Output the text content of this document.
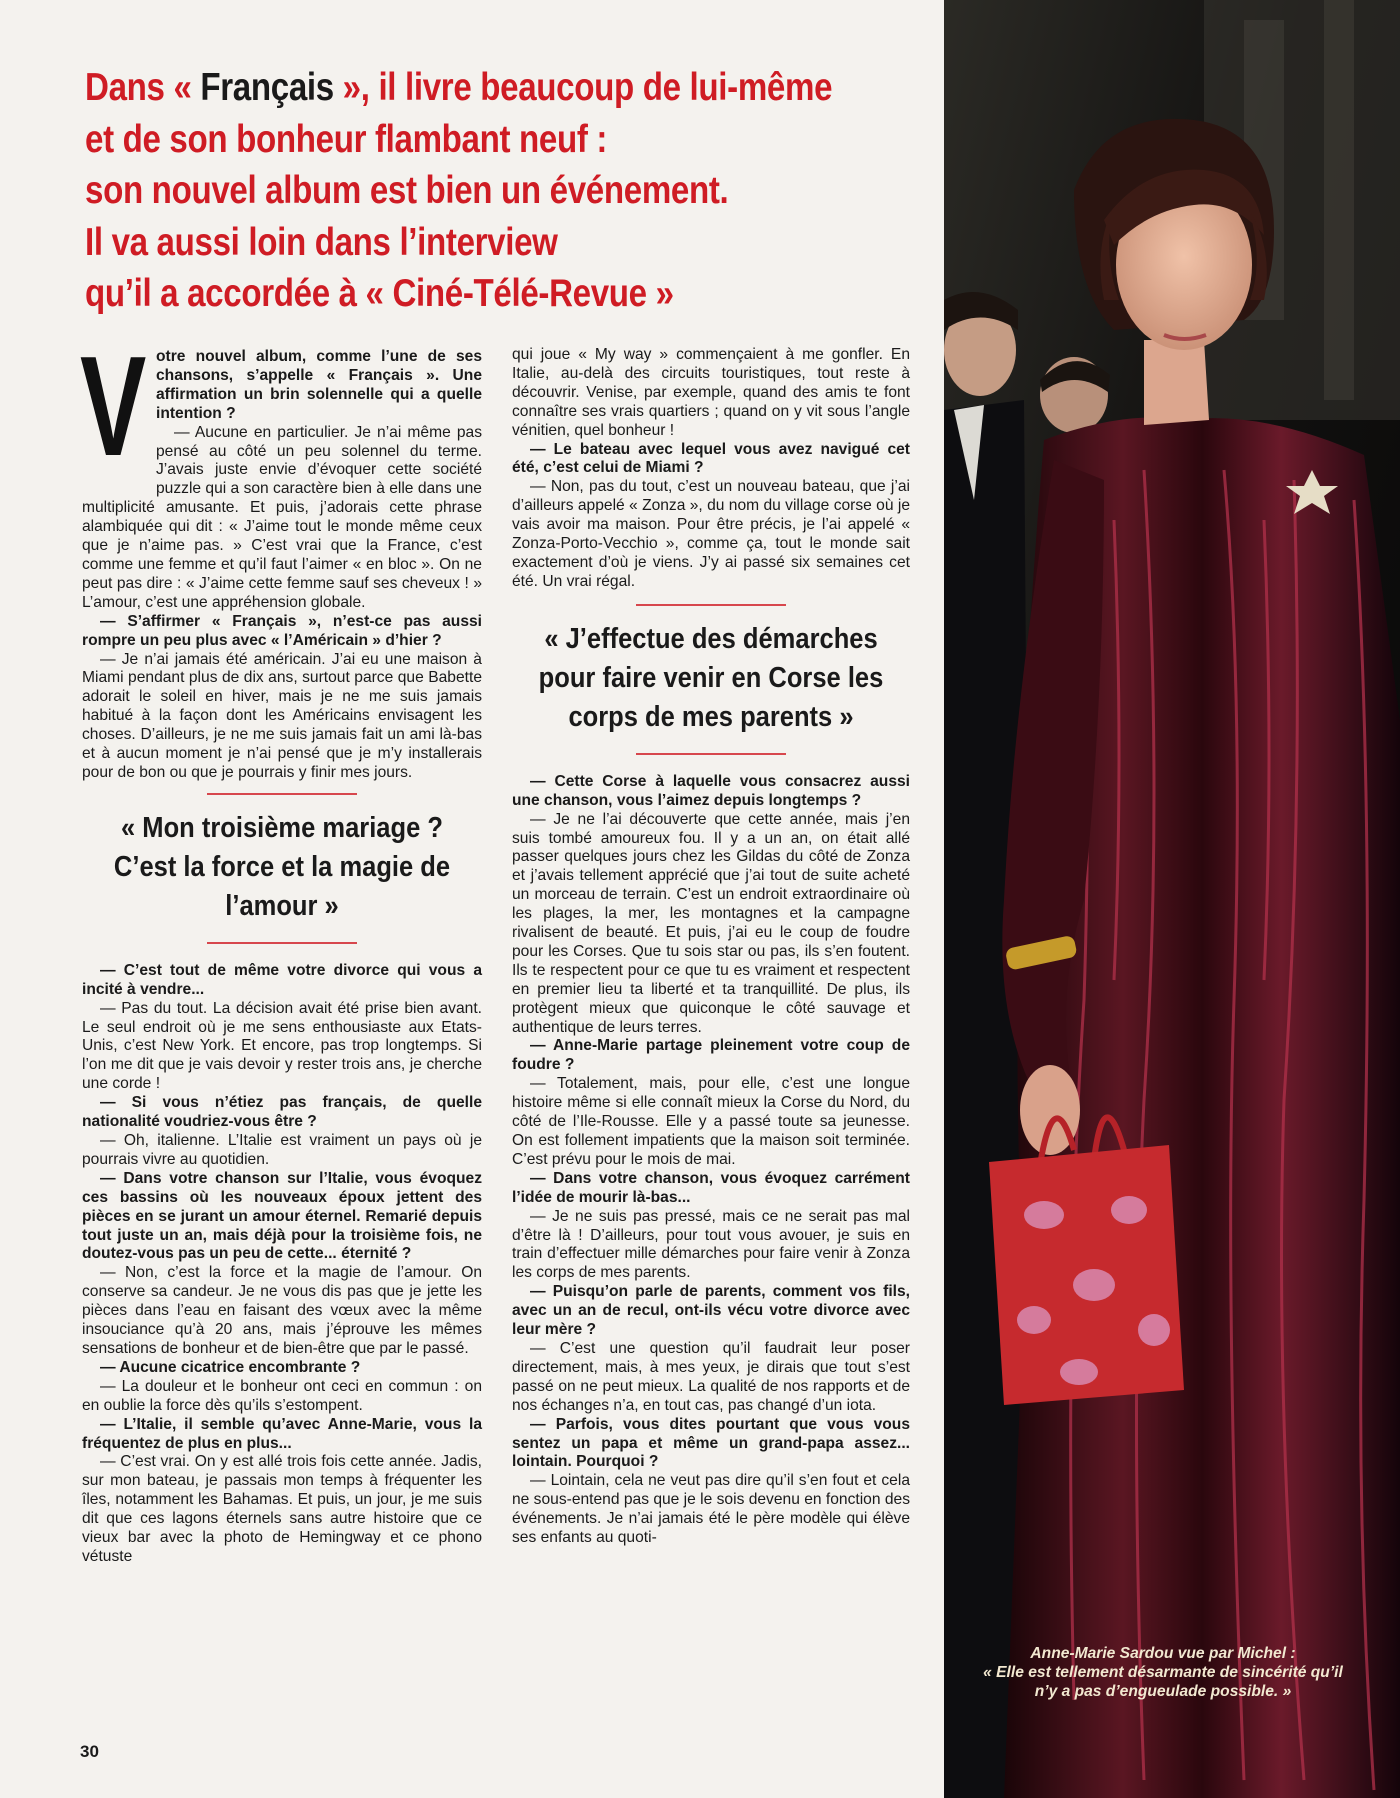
Dans « Français », il livre beaucoup de lui-même
et de son bonheur flambant neuf :
son nouvel album est bien un événement.
Il va aussi loin dans l’interview
qu’il a accordée à « Ciné-Télé-Revue »

Votre nouvel album, comme l’une de ses chansons, s’appelle « Français ». Une affirmation un brin solennelle qui a quelle intention ?

— Aucune en particulier. Je n’ai même pas pensé au côté un peu solennel du terme. J’avais juste envie d’évoquer cette société puzzle qui a son caractère bien à elle dans une multiplicité amusante. Et puis, j’adorais cette phrase alambiquée qui dit : « J’aime tout le monde même ceux que je n’aime pas. » C’est vrai que la France, c’est comme une femme et qu’il faut l’aimer « en bloc ». On ne peut pas dire : « J’aime cette femme sauf ses cheveux ! » L’amour, c’est une appréhension globale.

— S’affirmer « Français », n’est-ce pas aussi rompre un peu plus avec « l’Américain » d’hier ?

— Je n’ai jamais été américain. J’ai eu une maison à Miami pendant plus de dix ans, surtout parce que Babette adorait le soleil en hiver, mais je ne me suis jamais habitué à la façon dont les Américains envisagent les choses. D’ailleurs, je ne me suis jamais fait un ami là-bas et à aucun moment je n’ai pensé que je m’y installerais pour de bon ou que je pourrais y finir mes jours.

« Mon troisième mariage ? C’est la force et la magie de l’amour »

— C’est tout de même votre divorce qui vous a incité à vendre...

— Pas du tout. La décision avait été prise bien avant. Le seul endroit où je me sens enthousiaste aux Etats-Unis, c’est New York. Et encore, pas trop longtemps. Si l’on me dit que je vais devoir y rester trois ans, je cherche une corde !

— Si vous n’étiez pas français, de quelle nationalité voudriez-vous être ?

— Oh, italienne. L’Italie est vraiment un pays où je pourrais vivre au quotidien.

— Dans votre chanson sur l’Italie, vous évoquez ces bassins où les nouveaux époux jettent des pièces en se jurant un amour éternel. Remarié depuis tout juste un an, mais déjà pour la troisième fois, ne doutez-vous pas un peu de cette... éternité ?

— Non, c’est la force et la magie de l’amour. On conserve sa candeur. Je ne vous dis pas que je jette les pièces dans l’eau en faisant des vœux avec la même insouciance qu’à 20 ans, mais j’éprouve les mêmes sensations de bonheur et de bien-être que par le passé.

— Aucune cicatrice encombrante ?

— La douleur et le bonheur ont ceci en commun : on en oublie la force dès qu’ils s’estompent.

— L’Italie, il semble qu’avec Anne-Marie, vous la fréquentez de plus en plus...

— C’est vrai. On y est allé trois fois cette année. Jadis, sur mon bateau, je passais mon temps à fréquenter les îles, notamment les Bahamas. Et puis, un jour, je me suis dit que ces lagons éternels sans autre histoire que ce vieux bar avec la photo de Hemingway et ce phono vétuste

qui joue « My way » commençaient à me gonfler. En Italie, au-delà des circuits touristiques, tout reste à découvrir. Venise, par exemple, quand des amis te font connaître ses vrais quartiers ; quand on y vit sous l’angle vénitien, quel bonheur !

— Le bateau avec lequel vous avez navigué cet été, c’est celui de Miami ?

— Non, pas du tout, c’est un nouveau bateau, que j’ai d’ailleurs appelé « Zonza », du nom du village corse où je vais avoir ma maison. Pour être précis, je l’ai appelé « Zonza-Porto-Vecchio », comme ça, tout le monde sait exactement d’où je viens. J’y ai passé six semaines cet été. Un vrai régal.

« J’effectue des démarches pour faire venir en Corse les corps de mes parents »

— Cette Corse à laquelle vous consacrez aussi une chanson, vous l’aimez depuis longtemps ?

— Je ne l’ai découverte que cette année, mais j’en suis tombé amoureux fou. Il y a un an, on était allé passer quelques jours chez les Gildas du côté de Zonza et j’avais tellement apprécié que j’ai tout de suite acheté un morceau de terrain. C’est un endroit extraordinaire où les plages, la mer, les montagnes et la campagne rivalisent de beauté. Et puis, j’ai eu le coup de foudre pour les Corses. Que tu sois star ou pas, ils s’en foutent. Ils te respectent pour ce que tu es vraiment et respectent en premier lieu ta liberté et ta tranquillité. De plus, ils protègent mieux que quiconque le côté sauvage et authentique de leurs terres.

— Anne-Marie partage pleinement votre coup de foudre ?

— Totalement, mais, pour elle, c’est une longue histoire même si elle connaît mieux la Corse du Nord, du côté de l’Ile-Rousse. Elle y a passé toute sa jeunesse. On est follement impatients que la maison soit terminée. C’est prévu pour le mois de mai.

— Dans votre chanson, vous évoquez carrément l’idée de mourir là-bas...

— Je ne suis pas pressé, mais ce ne serait pas mal d’être là ! D’ailleurs, pour tout vous avouer, je suis en train d’effectuer mille démarches pour faire venir à Zonza les corps de mes parents.

— Puisqu’on parle de parents, comment vos fils, avec un an de recul, ont-ils vécu votre divorce avec leur mère ?

— C’est une question qu’il faudrait leur poser directement, mais, à mes yeux, je dirais que tout s’est passé on ne peut mieux. La qualité de nos rapports et de nos échanges n’a, en tout cas, pas changé d’un iota.

— Parfois, vous dites pourtant que vous vous sentez un papa et même un grand-papa assez... lointain. Pourquoi ?

— Lointain, cela ne veut pas dire qu’il s’en fout et cela ne sous-entend pas que je le sois devenu en fonction des événements. Je n’ai jamais été le père modèle qui élève ses enfants au quoti-

30
Anne-Marie Sardou vue par Michel :
« Elle est tellement désarmante de sincérité qu’il n’y a pas d’engueulade possible. »
